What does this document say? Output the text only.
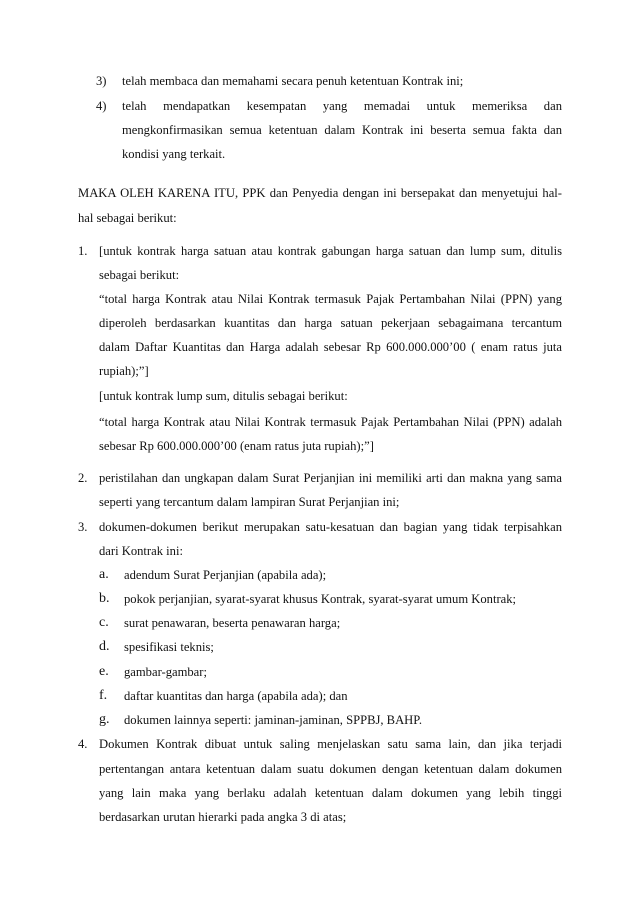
3) telah membaca dan memahami secara penuh ketentuan Kontrak ini;
4) telah mendapatkan kesempatan yang memadai untuk memeriksa dan
mengkonfirmasikan semua ketentuan dalam Kontrak ini beserta semua fakta dan
kondisi yang terkait.
MAKA OLEH KARENA ITU, PPK dan Penyedia dengan ini bersepakat dan menyetujui hal-
hal sebagai berikut:
1. [untuk kontrak harga satuan atau kontrak gabungan harga satuan dan lump sum, ditulis
sebagai berikut:
“total harga Kontrak atau Nilai Kontrak termasuk Pajak Pertambahan Nilai (PPN) yang
diperoleh berdasarkan kuantitas dan harga satuan pekerjaan sebagaimana tercantum
dalam Daftar Kuantitas dan Harga adalah sebesar Rp 600.000.000’00 ( enam ratus juta
rupiah);”]
[untuk kontrak lump sum, ditulis sebagai berikut:
“total harga Kontrak atau Nilai Kontrak termasuk Pajak Pertambahan Nilai (PPN) adalah
sebesar Rp 600.000.000’00 (enam ratus juta rupiah);”]
2. peristilahan dan ungkapan dalam Surat Perjanjian ini memiliki arti dan makna yang sama
seperti yang tercantum dalam lampiran Surat Perjanjian ini;
3. dokumen-dokumen berikut merupakan satu-kesatuan dan bagian yang tidak terpisahkan
dari Kontrak ini:
a. adendum Surat Perjanjian (apabila ada);
b. pokok perjanjian, syarat-syarat khusus Kontrak, syarat-syarat umum Kontrak;
c. surat penawaran, beserta penawaran harga;
d. spesifikasi teknis;
e. gambar-gambar;
f. daftar kuantitas dan harga (apabila ada); dan
g. dokumen lainnya seperti: jaminan-jaminan, SPPBJ, BAHP.
4. Dokumen Kontrak dibuat untuk saling menjelaskan satu sama lain, dan jika terjadi
pertentangan antara ketentuan dalam suatu dokumen dengan ketentuan dalam dokumen
yang lain maka yang berlaku adalah ketentuan dalam dokumen yang lebih tinggi
berdasarkan urutan hierarki pada angka 3 di atas;
